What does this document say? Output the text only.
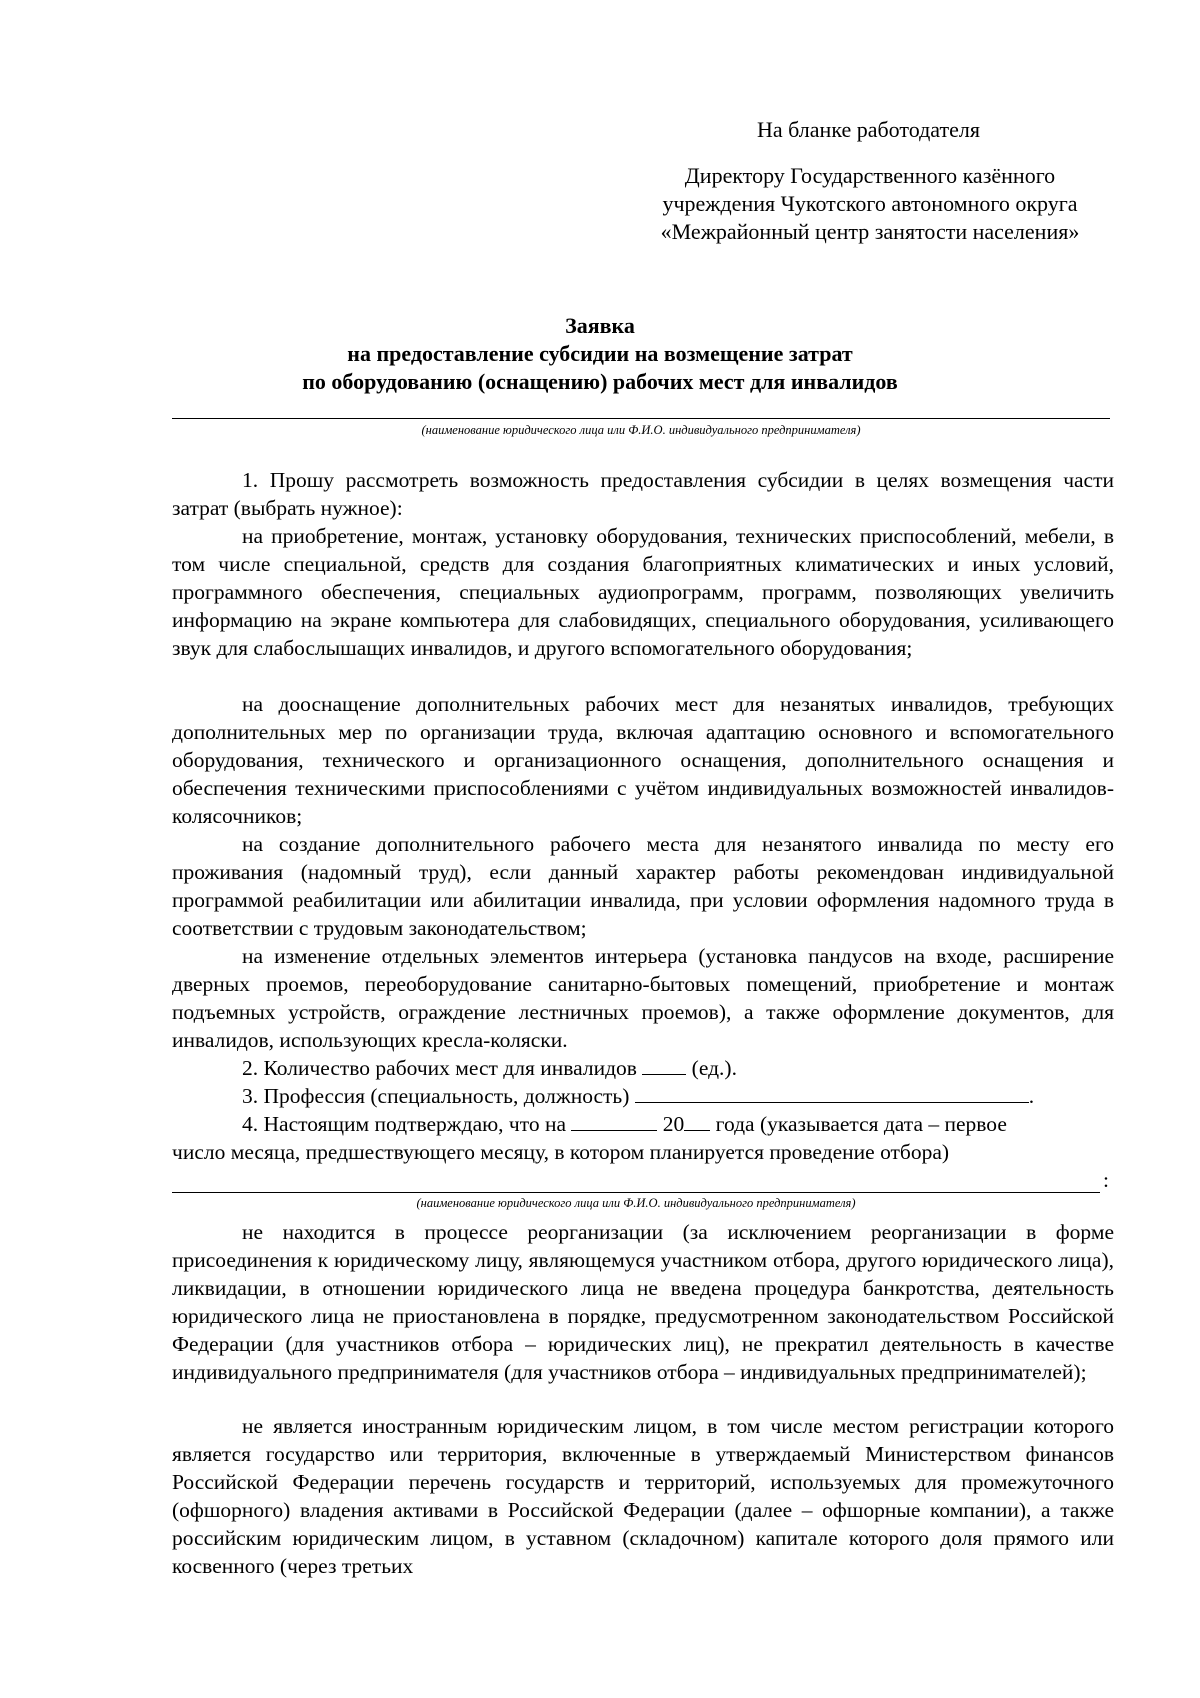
На бланке работодателя
Директору Государственного казённого
учреждения Чукотского автономного округа
«Межрайонный центр занятости населения»
Заявка
на предоставление субсидии на возмещение затрат
по оборудованию (оснащению) рабочих мест для инвалидов
(наименование юридического лица или Ф.И.О. индивидуального предпринимателя)
1. Прошу рассмотреть возможность предоставления субсидии в целях возмещения части затрат (выбрать нужное):
на приобретение, монтаж, установку оборудования, технических приспособлений, мебели, в том числе специальной, средств для создания благоприятных климатических и иных условий, программного обеспечения, специальных аудиопрограмм, программ, позволяющих увеличить информацию на экране компьютера для слабовидящих, специального оборудования, усиливающего звук для слабослышащих инвалидов, и другого вспомогательного оборудования;
на дооснащение дополнительных рабочих мест для незанятых инвалидов, требующих дополнительных мер по организации труда, включая адаптацию основного и вспомогательного оборудования, технического и организационного оснащения, дополнительного оснащения и обеспечения техническими приспособлениями с учётом индивидуальных возможностей инвалидов-колясочников;
на создание дополнительного рабочего места для незанятого инвалида по месту его проживания (надомный труд), если данный характер работы рекомендован индивидуальной программой реабилитации или абилитации инвалида, при условии оформления надомного труда в соответствии с трудовым законодательством;
на изменение отдельных элементов интерьера (установка пандусов на входе, расширение дверных проемов, переоборудование санитарно-бытовых помещений, приобретение и монтаж подъемных устройств, ограждение лестничных проемов), а также оформление документов, для инвалидов, использующих кресла-коляски.
2. Количество рабочих мест для инвалидов	(ед.).
3. Профессия (специальность, должность)	.
4. Настоящим подтверждаю, что на	20 года (указывается дата – первое
число месяца, предшествующего месяцу, в котором планируется проведение отбора)
:
(наименование юридического лица или Ф.И.О. индивидуального предпринимателя)
не находится в процессе реорганизации (за исключением реорганизации в форме присоединения к юридическому лицу, являющемуся участником отбора, другого юридического лица), ликвидации, в отношении юридического лица не введена процедура банкротства, деятельность юридического лица не приостановлена в порядке, предусмотренном законодательством Российской Федерации (для участников отбора – юридических лиц), не прекратил деятельность в качестве индивидуального предпринимателя (для участников отбора – индивидуальных предпринимателей);
не является иностранным юридическим лицом, в том числе местом регистрации которого является государство или территория, включенные в утверждаемый Министерством финансов Российской Федерации перечень государств и территорий, используемых для промежуточного (офшорного) владения активами в Российской Федерации (далее – офшорные компании), а также российским юридическим лицом, в уставном (складочном) капитале которого доля прямого или косвенного (через третьих
